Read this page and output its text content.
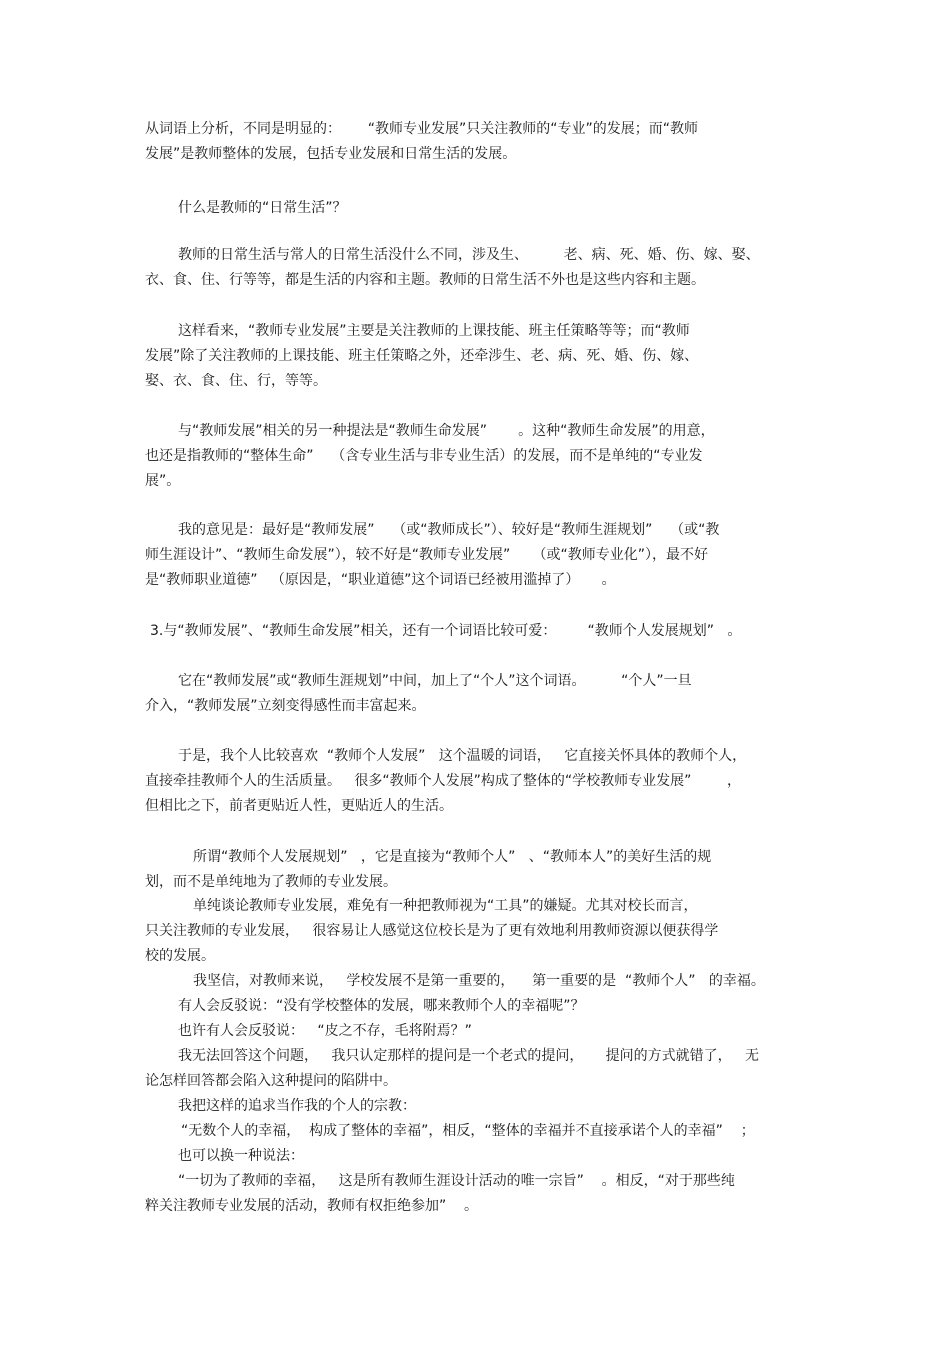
从词语上分析，不同是明显的：      “教师专业发展”只关注教师的“专业”的发展；而“教师

发展”是教师整体的发展，包括专业发展和日常生活的发展。

什么是教师的“日常生活”？

教师的日常生活与常人的日常生活没什么不同，涉及生、        老、病、死、婚、伤、嫁、娶、

衣、食、住、行等等，都是生活的内容和主题。教师的日常生活不外也是这些内容和主题。

这样看来，“教师专业发展”主要是关注教师的上课技能、班主任策略等等；而“教师

发展”除了关注教师的上课技能、班主任策略之外，还牵涉生、老、病、死、婚、伤、嫁、

娶、衣、食、住、行，等等。

与“教师发展”相关的另一种提法是“教师生命发展”       。这种“教师生命发展”的用意，

也还是指教师的“整体生命”    （含专业生活与非专业生活）的发展，而不是单纯的“专业发

展”。

我的意见是：最好是“教师发展”    （或“教师成长”）、较好是“教师生涯规划”    （或“教

师生涯设计”、“教师生命发展”），较不好是“教师专业发展”     （或“教师专业化”），最不好

是“教师职业道德”   （原因是，“职业道德”这个词语已经被用滥掉了）     。

3.与“教师发展”、“教师生命发展”相关，还有一个词语比较可爱：       “教师个人发展规划”   。

它在“教师发展”或“教师生涯规划”中间，加上了“个人”这个词语。        “个人”一旦

介入，“教师发展”立刻变得感性而丰富起来。

于是，我个人比较喜欢  “教师个人发展”   这个温暖的词语，   它直接关怀具体的教师个人，

直接牵挂教师个人的生活质量。   很多“教师个人发展”构成了整体的“学校教师专业发展”        ，

但相比之下，前者更贴近人性，更贴近人的生活。

所谓“教师个人发展规划”   ，它是直接为“教师个人”   、“教师本人”的美好生活的规

划，而不是单纯地为了教师的专业发展。

单纯谈论教师专业发展，难免有一种把教师视为“工具”的嫌疑。尤其对校长而言，

只关注教师的专业发展，   很容易让人感觉这位校长是为了更有效地利用教师资源以便获得学

校的发展。

我坚信，对教师来说，   学校发展不是第一重要的，    第一重要的是  “教师个人”   的幸福。

有人会反驳说：“没有学校整体的发展，哪来教师个人的幸福呢”？

也许有人会反驳说：   “皮之不存，毛将附焉？”

我无法回答这个问题，   我只认定那样的提问是一个老式的提问，     提问的方式就错了，   无

论怎样回答都会陷入这种提问的陷阱中。

我把这样的追求当作我的个人的宗教：

“无数个人的幸福，  构成了整体的幸福”，相反，“整体的幸福并不直接承诺个人的幸福”    ；

也可以换一种说法：

“一切为了教师的幸福，   这是所有教师生涯设计活动的唯一宗旨”    。相反，“对于那些纯

粹关注教师专业发展的活动，教师有权拒绝参加”    。
